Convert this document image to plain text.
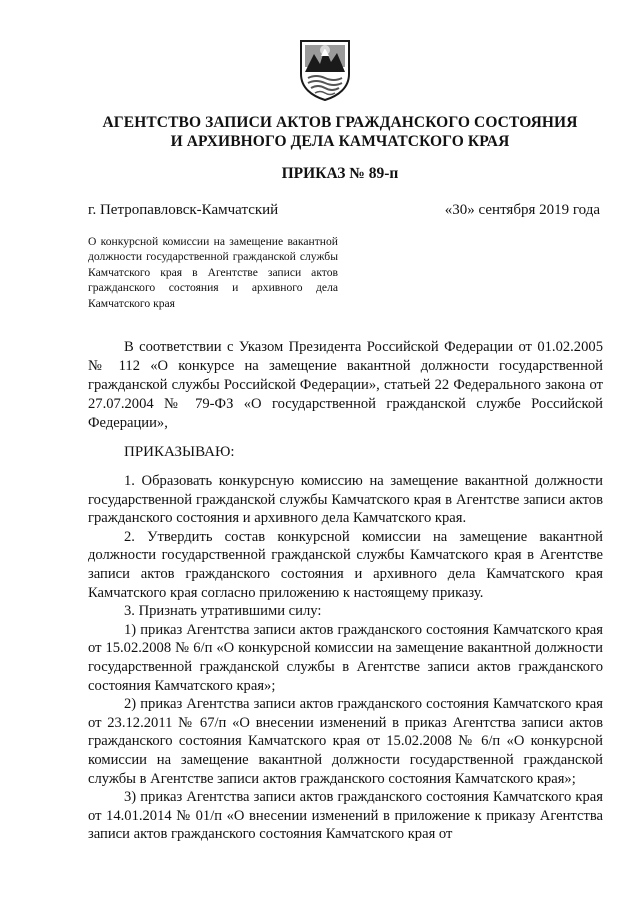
АГЕНТСТВО ЗАПИСИ АКТОВ ГРАЖДАНСКОГО СОСТОЯНИЯ
И АРХИВНОГО ДЕЛА КАМЧАТСКОГО КРАЯ
ПРИКАЗ № 89-п
г. Петропавловск-Камчатский	«30» сентября 2019 года
О конкурсной комиссии на замещение вакантной должности государственной гражданской службы Камчатского края в Агентстве записи актов гражданского состояния и архивного дела Камчатского края
В соответствии с Указом Президента Российской Федерации от 01.02.2005 № 112 «О конкурсе на замещение вакантной должности государственной гражданской службы Российской Федерации», статьей 22 Федерального закона от 27.07.2004 № 79-ФЗ «О государственной гражданской службе Российской Федерации»,
ПРИКАЗЫВАЮ:

1. Образовать конкурсную комиссию на замещение вакантной должности государственной гражданской службы Камчатского края в Агентстве записи актов гражданского состояния и архивного дела Камчатского края.

2. Утвердить состав конкурсной комиссии на замещение вакантной должности государственной гражданской службы Камчатского края в Агентстве записи актов гражданского состояния и архивного дела Камчатского края Камчатского края согласно приложению к настоящему приказу.

3. Признать утратившими силу:

1) приказ Агентства записи актов гражданского состояния Камчатского края от 15.02.2008 № 6/п «О конкурсной комиссии на замещение вакантной должности государственной гражданской службы в Агентстве записи актов гражданского состояния Камчатского края»;

2) приказ Агентства записи актов гражданского состояния Камчатского края от 23.12.2011 № 67/п «О внесении изменений в приказ Агентства записи актов гражданского состояния Камчатского края от 15.02.2008 № 6/п «О конкурсной комиссии на замещение вакантной должности государственной гражданской службы в Агентстве записи актов гражданского состояния Камчатского края»;

3) приказ Агентства записи актов гражданского состояния Камчатского края от 14.01.2014 № 01/п «О внесении изменений в приложение к приказу Агентства записи актов гражданского состояния Камчатского края от
